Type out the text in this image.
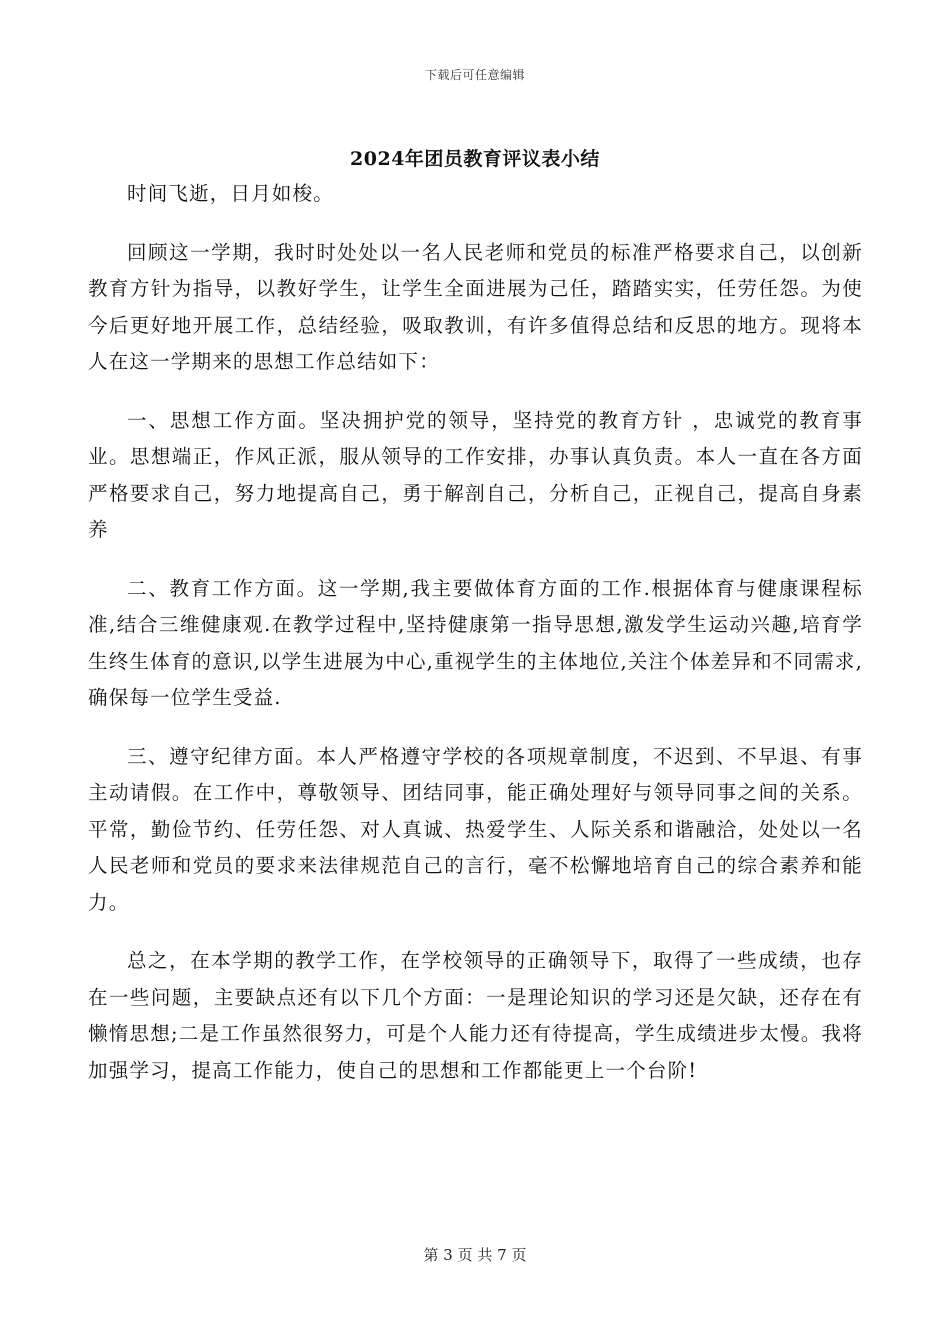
下载后可任意编辑
2024年团员教育评议表小结

时间飞逝，日月如梭。

回顾这一学期，我时时处处以一名人民老师和党员的标准严格要求自己，以创新教育方针为指导，以教好学生，让学生全面进展为己任，踏踏实实，任劳任怨。为使今后更好地开展工作，总结经验，吸取教训，有许多值得总结和反思的地方。现将本人在这一学期来的思想工作总结如下：

一、思想工作方面。坚决拥护党的领导，坚持党的教育方针 ，忠诚党的教育事业。思想端正，作风正派，服从领导的工作安排，办事认真负责。本人一直在各方面严格要求自己，努力地提高自己，勇于解剖自己，分析自己，正视自己，提高自身素养

二、教育工作方面。这一学期,我主要做体育方面的工作.根据体育与健康课程标准,结合三维健康观.在教学过程中,坚持健康第一指导思想,激发学生运动兴趣,培育学生终生体育的意识,以学生进展为中心,重视学生的主体地位,关注个体差异和不同需求,确保每一位学生受益.

三、遵守纪律方面。本人严格遵守学校的各项规章制度，不迟到、不早退、有事主动请假。在工作中，尊敬领导、团结同事，能正确处理好与领导同事之间的关系。平常，勤俭节约、任劳任怨、对人真诚、热爱学生、人际关系和谐融洽，处处以一名人民老师和党员的要求来法律规范自己的言行，毫不松懈地培育自己的综合素养和能力。

总之，在本学期的教学工作，在学校领导的正确领导下，取得了一些成绩，也存在一些问题，主要缺点还有以下几个方面：一是理论知识的学习还是欠缺，还存在有懒惰思想;二是工作虽然很努力，可是个人能力还有待提高，学生成绩进步太慢。我将加强学习，提高工作能力，使自己的思想和工作都能更上一个台阶!

第 3 页 共 7 页
